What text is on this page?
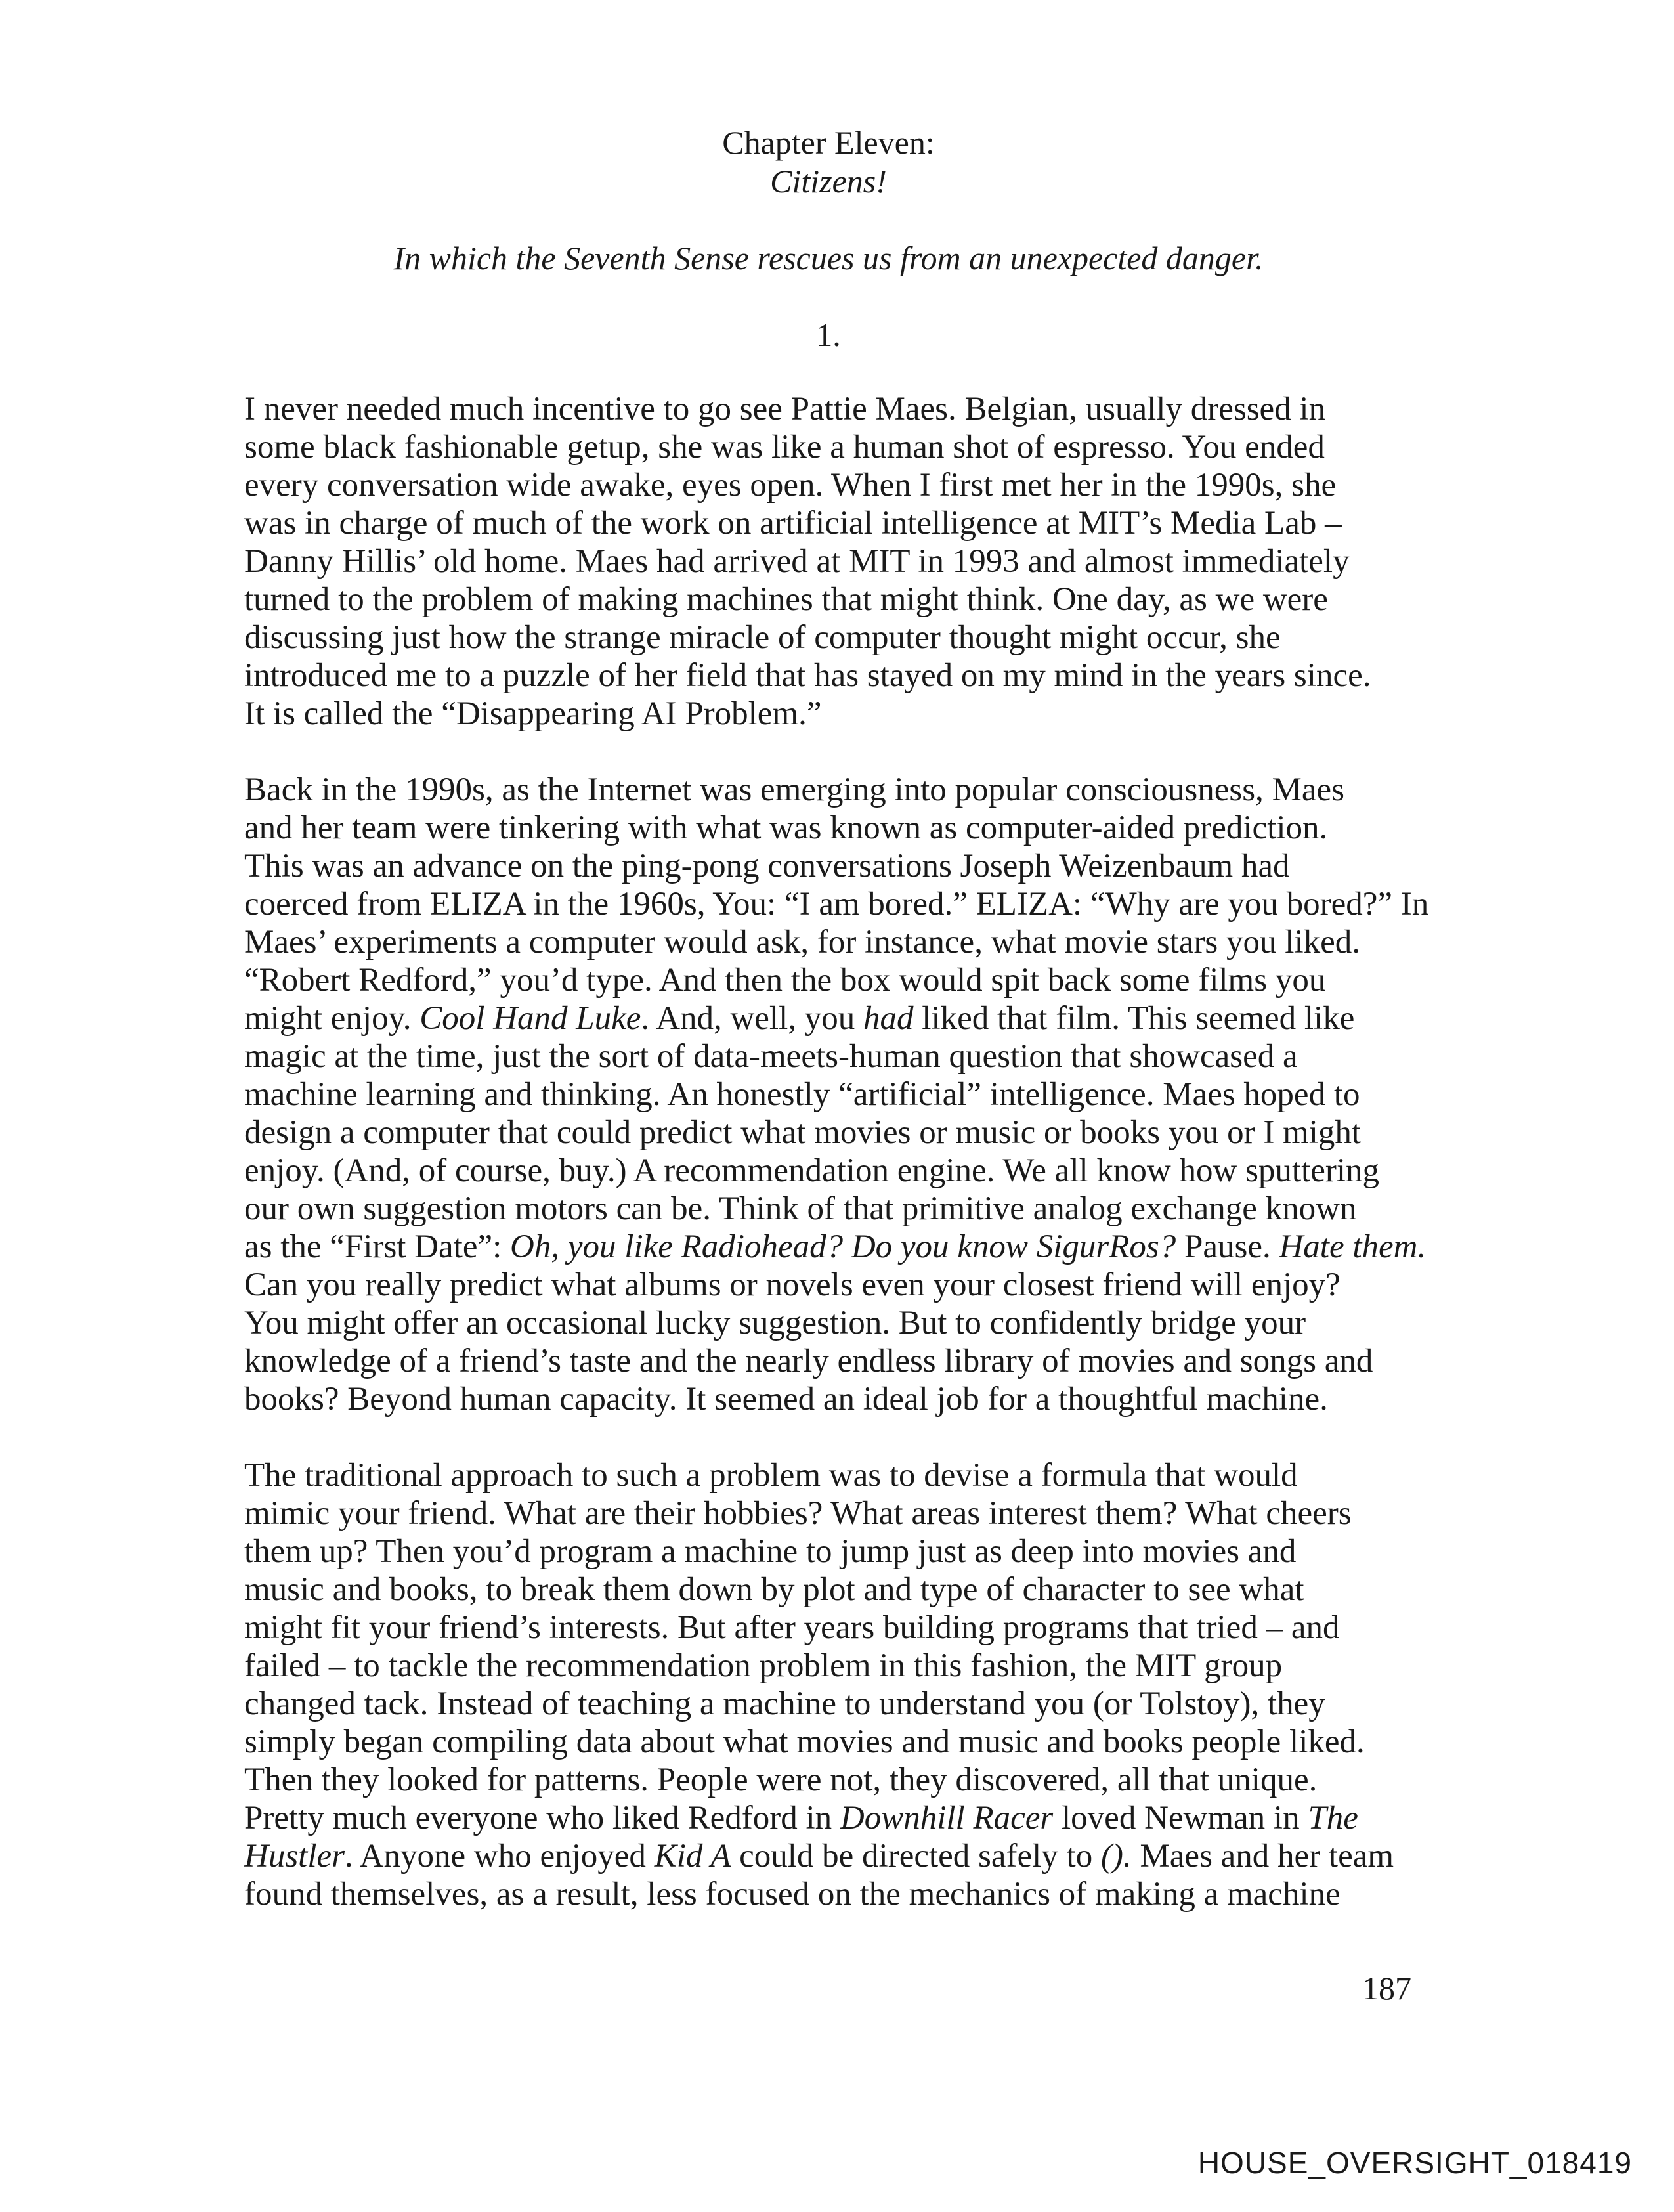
Chapter Eleven:
Citizens!
In which the Seventh Sense rescues us from an unexpected danger.
1.
I never needed much incentive to go see Pattie Maes. Belgian, usually dressed in
some black fashionable getup, she was like a human shot of espresso. You ended
every conversation wide awake, eyes open. When I first met her in the 1990s, she
was in charge of much of the work on artificial intelligence at MIT’s Media Lab –
Danny Hillis’ old home. Maes had arrived at MIT in 1993 and almost immediately
turned to the problem of making machines that might think. One day, as we were
discussing just how the strange miracle of computer thought might occur, she
introduced me to a puzzle of her field that has stayed on my mind in the years since.
It is called the “Disappearing AI Problem.”
Back in the 1990s, as the Internet was emerging into popular consciousness, Maes
and her team were tinkering with what was known as computer-aided prediction.
This was an advance on the ping-pong conversations Joseph Weizenbaum had
coerced from ELIZA in the 1960s, You: “I am bored.” ELIZA: “Why are you bored?” In
Maes’ experiments a computer would ask, for instance, what movie stars you liked.
“Robert Redford,” you’d type. And then the box would spit back some films you
might enjoy. Cool Hand Luke. And, well, you had liked that film. This seemed like
magic at the time, just the sort of data-meets-human question that showcased a
machine learning and thinking. An honestly “artificial” intelligence. Maes hoped to
design a computer that could predict what movies or music or books you or I might
enjoy. (And, of course, buy.) A recommendation engine. We all know how sputtering
our own suggestion motors can be. Think of that primitive analog exchange known
as the “First Date”: Oh, you like Radiohead? Do you know SigurRos? Pause. Hate them.
Can you really predict what albums or novels even your closest friend will enjoy?
You might offer an occasional lucky suggestion. But to confidently bridge your
knowledge of a friend’s taste and the nearly endless library of movies and songs and
books? Beyond human capacity. It seemed an ideal job for a thoughtful machine.
The traditional approach to such a problem was to devise a formula that would
mimic your friend. What are their hobbies? What areas interest them? What cheers
them up? Then you’d program a machine to jump just as deep into movies and
music and books, to break them down by plot and type of character to see what
might fit your friend’s interests. But after years building programs that tried – and
failed – to tackle the recommendation problem in this fashion, the MIT group
changed tack. Instead of teaching a machine to understand you (or Tolstoy), they
simply began compiling data about what movies and music and books people liked.
Then they looked for patterns. People were not, they discovered, all that unique.
Pretty much everyone who liked Redford in Downhill Racer loved Newman in The
Hustler. Anyone who enjoyed Kid A could be directed safely to (). Maes and her team
found themselves, as a result, less focused on the mechanics of making a machine
187
HOUSE_OVERSIGHT_018419
